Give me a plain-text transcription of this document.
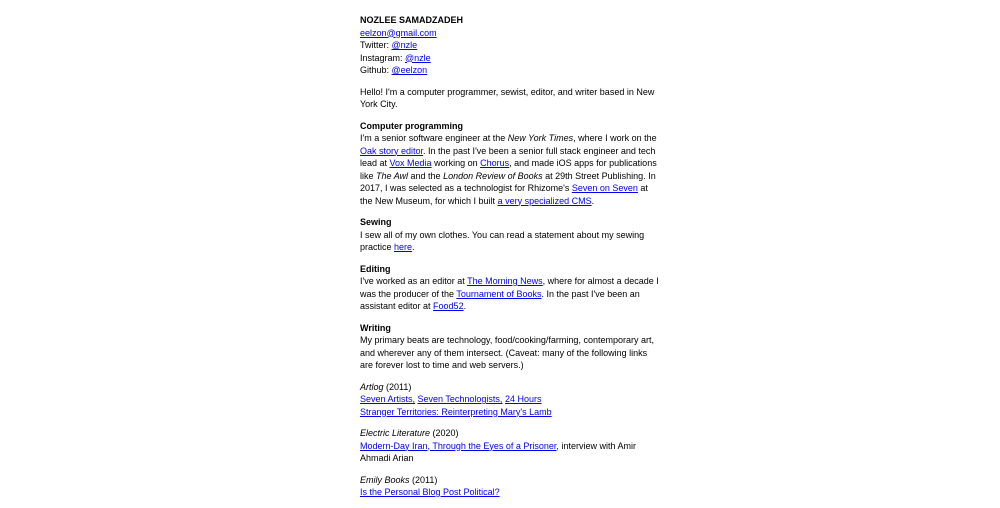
NOZLEE SAMADZADEH
eelzon@gmail.com
Twitter: @nzle
Instagram: @nzle
Github: @eelzon

Hello! I'm a computer programmer, sewist, editor, and writer based in New York City.

Computer programming
I'm a senior software engineer at the New York Times, where I work on the Oak story editor. In the past I've been a senior full stack engineer and tech lead at Vox Media working on Chorus, and made iOS apps for publications like The Awl and the London Review of Books at 29th Street Publishing. In 2017, I was selected as a technologist for Rhizome's Seven on Seven at the New Museum, for which I built a very specialized CMS.

Sewing
I sew all of my own clothes. You can read a statement about my sewing practice here.

Editing
I've worked as an editor at The Morning News, where for almost a decade I was the producer of the Tournament of Books. In the past I've been an assistant editor at Food52.

Writing
My primary beats are technology, food/cooking/farming, contemporary art, and wherever any of them intersect. (Caveat: many of the following links are forever lost to time and web servers.)

Artlog (2011)
Seven Artists, Seven Technologists, 24 Hours
Stranger Territories: Reinterpreting Mary's Lamb

Electric Literature (2020)
Modern-Day Iran, Through the Eyes of a Prisoner, interview with Amir Ahmadi Arian

Emily Books (2011)
Is the Personal Blog Post Political?
